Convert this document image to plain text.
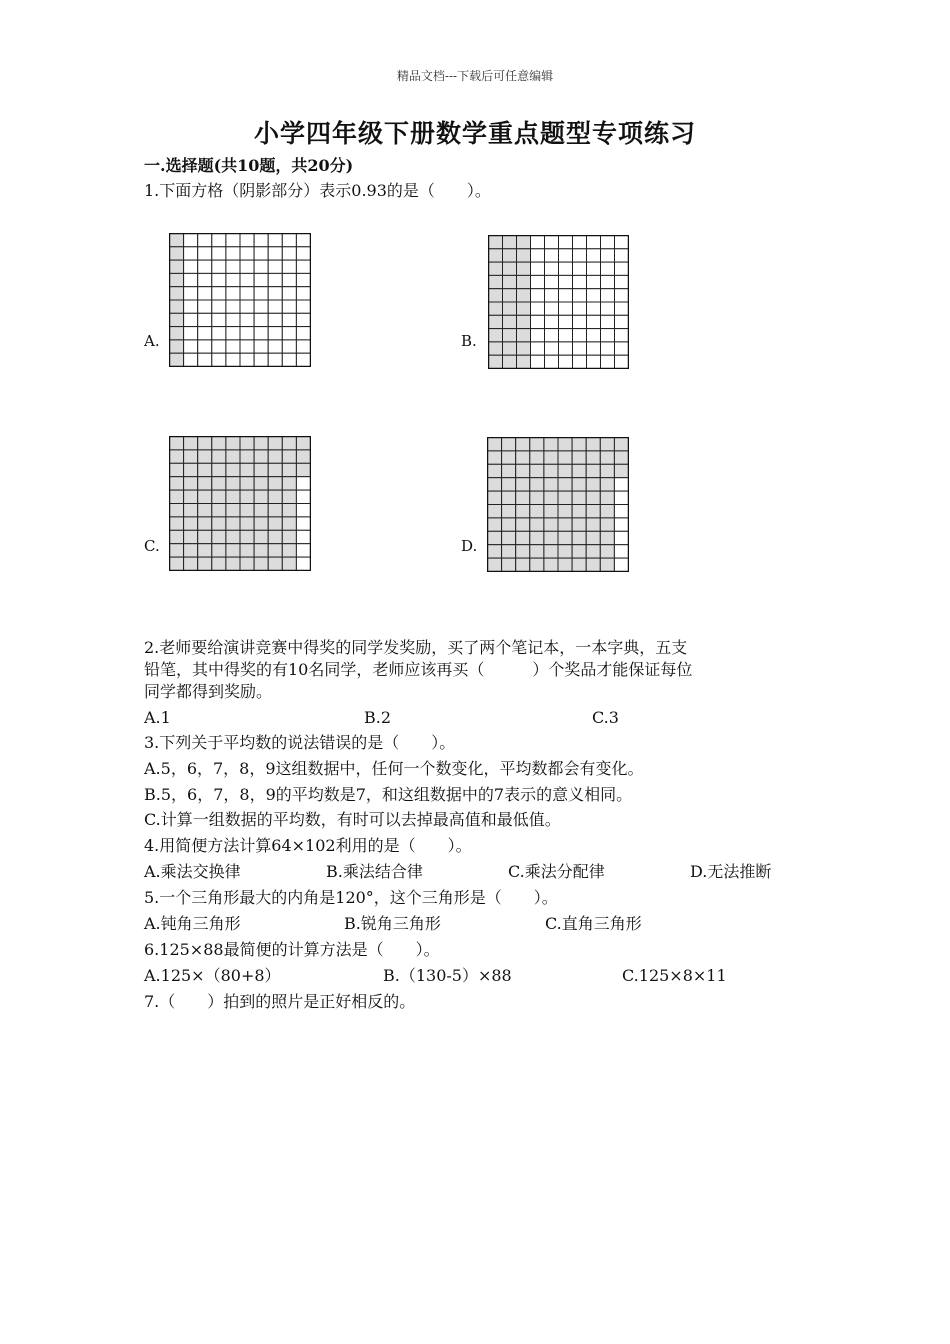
精品文档---下载后可任意编辑
小学四年级下册数学重点题型专项练习
一.选择题(共10题，共20分)
1.下面方格（阴影部分）表示0.93的是（　　）。
A.	B.
C.	D.
2.老师要给演讲竞赛中得奖的同学发奖励，买了两个笔记本，一本字典，五支
铅笔，其中得奖的有10名同学，老师应该再买（　　　）个奖品才能保证每位
同学都得到奖励。
A.1	B.2	C.3
3.下列关于平均数的说法错误的是（　　）。
A.5，6，7，8，9这组数据中，任何一个数变化，平均数都会有变化。
B.5，6，7，8，9的平均数是7，和这组数据中的7表示的意义相同。
C.计算一组数据的平均数，有时可以去掉最高值和最低值。
4.用简便方法计算64×102利用的是（　　）。
A.乘法交换律	B.乘法结合律	C.乘法分配律	D.无法推断
5.一个三角形最大的内角是120°，这个三角形是（　　）。
A.钝角三角形	B.锐角三角形	C.直角三角形
6.125×88最简便的计算方法是（　　）。
A.125×（80+8）	B.（130-5）×88	C.125×8×11
7.（　　）拍到的照片是正好相反的。
